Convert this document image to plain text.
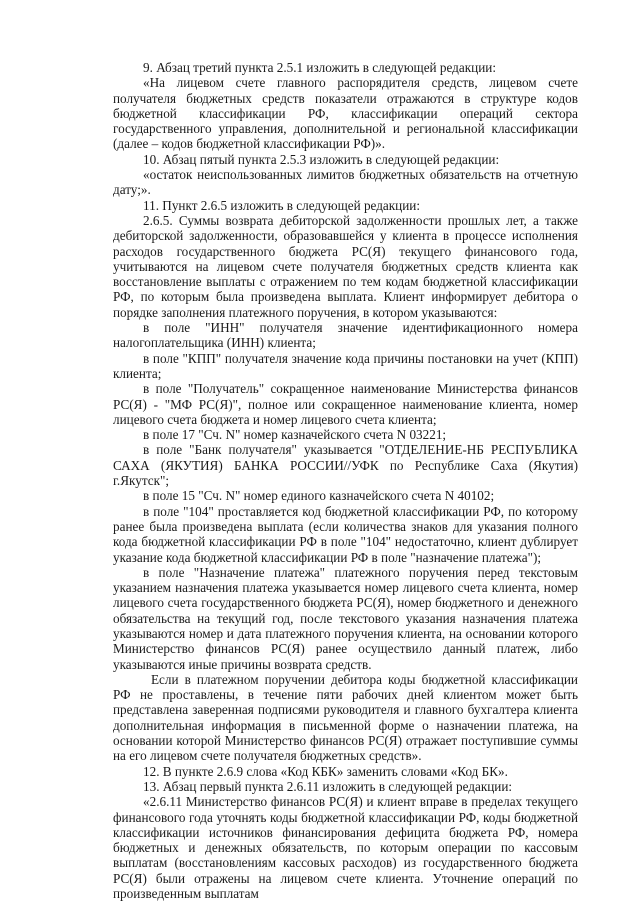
9. Абзац третий пункта 2.5.1 изложить в следующей редакции:

«На лицевом счете главного распорядителя средств, лицевом счете получателя бюджетных средств показатели отражаются в структуре кодов бюджетной классификации РФ, классификации операций сектора государственного управления, дополнительной и региональной классификации (далее – кодов бюджетной классификации РФ)».

10. Абзац пятый пункта 2.5.3 изложить в следующей редакции:

«остаток неиспользованных лимитов бюджетных обязательств на отчетную дату;».

11. Пункт 2.6.5 изложить в следующей редакции:

2.6.5. Суммы возврата дебиторской задолженности прошлых лет, а также дебиторской задолженности, образовавшейся у клиента в процессе исполнения расходов государственного бюджета РС(Я) текущего финансового года, учитываются на лицевом счете получателя бюджетных средств клиента как восстановление выплаты с отражением по тем кодам бюджетной классификации РФ, по которым была произведена выплата. Клиент информирует дебитора о порядке заполнения платежного поручения, в котором указываются:

в поле "ИНН" получателя значение идентификационного номера налогоплательщика (ИНН) клиента;

в поле "КПП" получателя значение кода причины постановки на учет (КПП) клиента;

в поле "Получатель" сокращенное наименование Министерства финансов РС(Я) - "МФ РС(Я)", полное или сокращенное наименование клиента, номер лицевого счета бюджета и номер лицевого счета клиента;

в поле 17 "Сч. N" номер казначейского счета N 03221;

в поле "Банк получателя" указывается "ОТДЕЛЕНИЕ-НБ РЕСПУБЛИКА САХА (ЯКУТИЯ) БАНКА РОССИИ//УФК по Республике Саха (Якутия) г.Якутск";

в поле 15 "Сч. N" номер единого казначейского счета N 40102;

в поле "104" проставляется код бюджетной классификации РФ, по которому ранее была произведена выплата (если количества знаков для указания полного кода бюджетной классификации РФ в поле "104" недостаточно, клиент дублирует указание кода бюджетной классификации РФ в поле "назначение платежа");

в поле "Назначение платежа" платежного поручения перед текстовым указанием назначения платежа указывается номер лицевого счета клиента, номер лицевого счета государственного бюджета РС(Я), номер бюджетного и денежного обязательства на текущий год, после текстового указания назначения платежа указываются номер и дата платежного поручения клиента, на основании которого Министерство финансов РС(Я) ранее осуществило данный платеж, либо указываются иные причины возврата средств.

Если в платежном поручении дебитора коды бюджетной классификации РФ не проставлены, в течение пяти рабочих дней клиентом может быть представлена заверенная подписями руководителя и главного бухгалтера клиента дополнительная информация в письменной форме о назначении платежа, на основании которой Министерство финансов РС(Я) отражает поступившие суммы на его лицевом счете получателя бюджетных средств».

12. В пункте 2.6.9 слова «Код КБК» заменить словами «Код БК».

13. Абзац первый пункта 2.6.11 изложить в следующей редакции:

«2.6.11 Министерство финансов РС(Я) и клиент вправе в пределах текущего финансового года уточнять коды бюджетной классификации РФ, коды бюджетной классификации источников финансирования дефицита бюджета РФ, номера бюджетных и денежных обязательств, по которым операции по кассовым выплатам (восстановлениям кассовых расходов) из государственного бюджета РС(Я) были отражены на лицевом счете клиента. Уточнение операций по произведенным выплатам
